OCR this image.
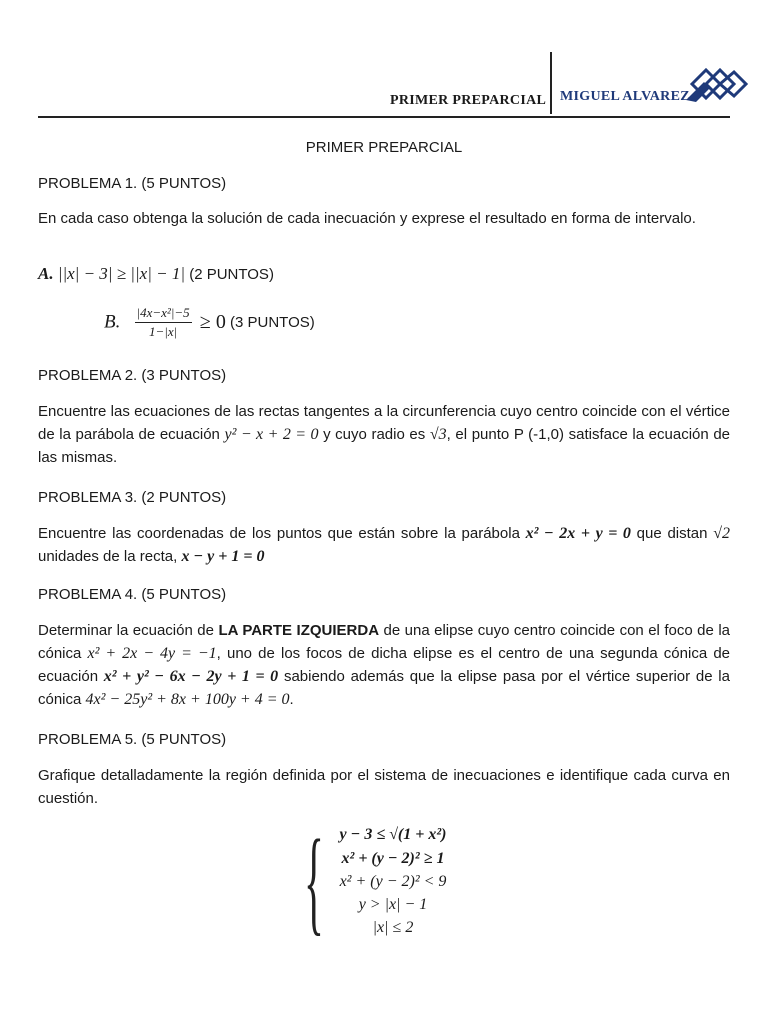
PRIMER PREPARCIAL MIGUEL ALVAREZ
PRIMER PREPARCIAL
PROBLEMA 1. (5 PUNTOS)
En cada caso obtenga la solución de cada inecuación y exprese el resultado en forma de intervalo.
A. ||x| − 3| ≥ ||x| − 1| (2 PUNTOS)
B. $\frac{\text{|4x−x²|−5}}{1-|x|} \ge 0$ (3 PUNTOS)
PROBLEMA 2. (3 PUNTOS)
Encuentre las ecuaciones de las rectas tangentes a la circunferencia cuyo centro coincide con el vértice de la parábola de ecuación y² − x + 2 = 0 y cuyo radio es √3, el punto P (-1,0) satisface la ecuación de las mismas.
PROBLEMA 3. (2 PUNTOS)
Encuentre las coordenadas de los puntos que están sobre la parábola x² − 2x + y = 0 que distan √2 unidades de la recta, x − y + 1 = 0
PROBLEMA 4. (5 PUNTOS)
Determinar la ecuación de LA PARTE IZQUIERDA de una elipse cuyo centro coincide con el foco de la cónica x² + 2x − 4y = −1, uno de los focos de dicha elipse es el centro de una segunda cónica de ecuación x² + y² − 6x − 2y + 1 = 0 sabiendo además que la elipse pasa por el vértice superior de la cónica 4x² − 25y² + 8x + 100y + 4 = 0.
PROBLEMA 5. (5 PUNTOS)
Grafique detalladamente la región definida por el sistema de inecuaciones e identifique cada curva en cuestión.
{ y − 3 ≤ √(1 + x²)
x² + (y − 2)² ≥ 1
x² + (y − 2)² < 9
y > |x| − 1
|x| ≤ 2
